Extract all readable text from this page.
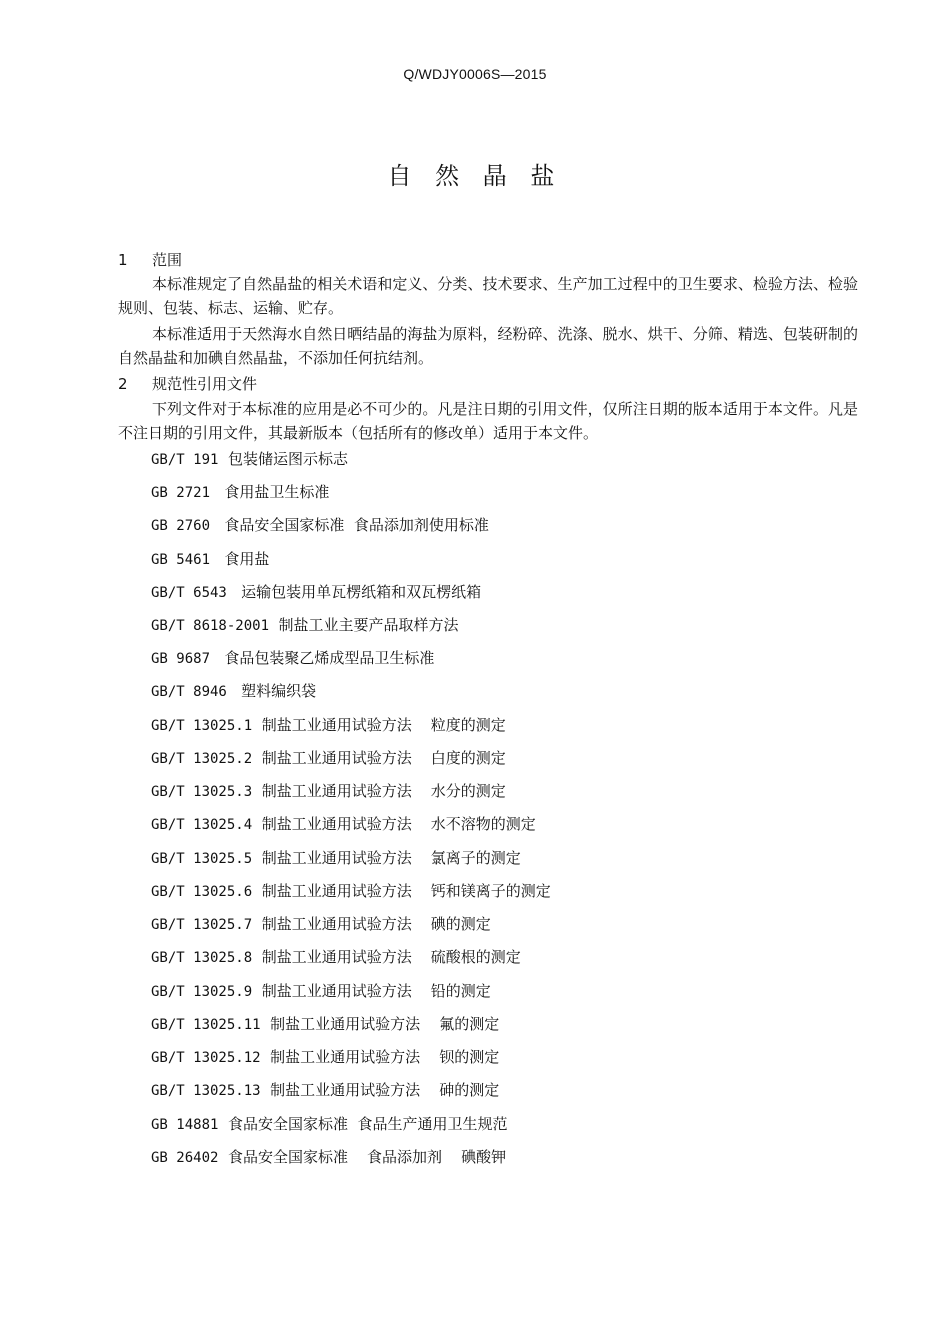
Q/WDJY0006S—2015
自 然 晶 盐
1 范围
本标准规定了自然晶盐的相关术语和定义、分类、技术要求、生产加工过程中的卫生要求、检验方法、检验规则、包装、标志、运输、贮存。
本标准适用于天然海水自然日晒结晶的海盐为原料，经粉碎、洗涤、脱水、烘干、分筛、精选、包装研制的自然晶盐和加碘自然晶盐，不添加任何抗结剂。
2 规范性引用文件
下列文件对于本标准的应用是必不可少的。凡是注日期的引用文件，仅所注日期的版本适用于本文件。凡是不注日期的引用文件，其最新版本（包括所有的修改单）适用于本文件。
GB/T 191  包装储运图示标志
GB 2721   食用盐卫生标准
GB 2760   食品安全国家标准  食品添加剂使用标准
GB 5461   食用盐
GB/T 6543   运输包装用单瓦楞纸箱和双瓦楞纸箱
GB/T 8618-2001  制盐工业主要产品取样方法
GB 9687   食品包装聚乙烯成型品卫生标准
GB/T 8946   塑料编织袋
GB/T 13025.1  制盐工业通用试验方法    粒度的测定
GB/T 13025.2  制盐工业通用试验方法    白度的测定
GB/T 13025.3  制盐工业通用试验方法    水分的测定
GB/T 13025.4  制盐工业通用试验方法    水不溶物的测定
GB/T 13025.5  制盐工业通用试验方法    氯离子的测定
GB/T 13025.6  制盐工业通用试验方法    钙和镁离子的测定
GB/T 13025.7  制盐工业通用试验方法    碘的测定
GB/T 13025.8  制盐工业通用试验方法    硫酸根的测定
GB/T 13025.9  制盐工业通用试验方法    铅的测定
GB/T 13025.11  制盐工业通用试验方法    氟的测定
GB/T 13025.12  制盐工业通用试验方法    钡的测定
GB/T 13025.13  制盐工业通用试验方法    砷的测定
GB 14881  食品安全国家标准  食品生产通用卫生规范
GB 26402  食品安全国家标准    食品添加剂    碘酸钾
